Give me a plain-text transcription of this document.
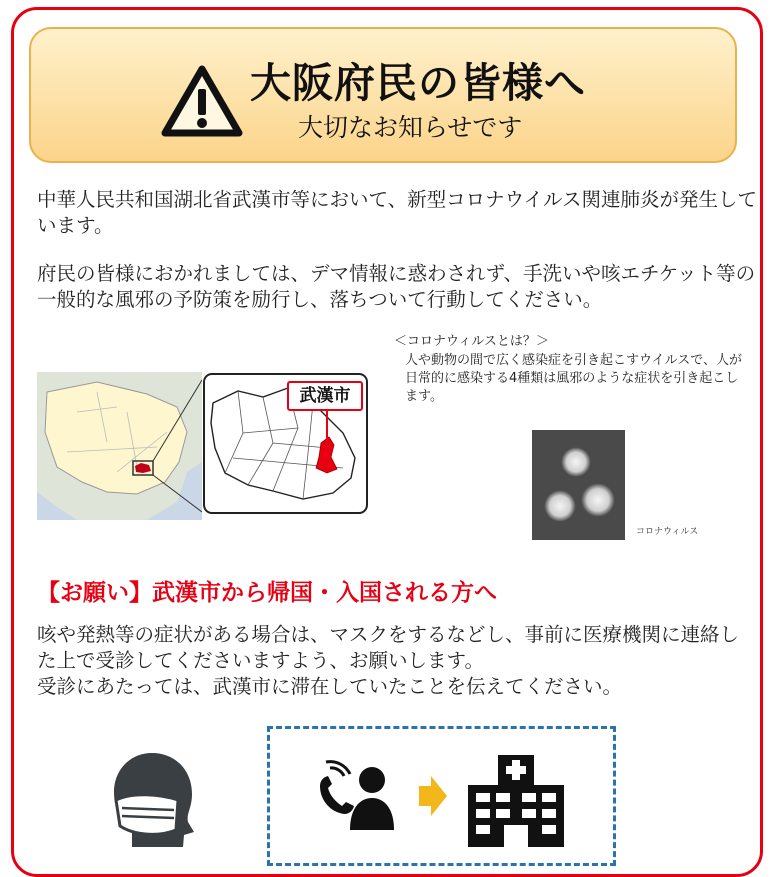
大阪府民の皆様へ
大切なお知らせです

中華人民共和国湖北省武漢市等において、新型コロナウイルス関連肺炎が発生しています。

府民の皆様におかれましては、デマ情報に惑わされず、手洗いや咳エチケット等の一般的な風邪の予防策を励行し、落ちついて行動してください。

武漢市
＜コロナウィルスとは？＞

人や動物の間で広く感染症を引き起こすウイルスで、人が日常的に感染する4種類は風邪のような症状を引き起こします。

コロナウィルス
【お願い】武漢市から帰国・入国される方へ

咳や発熱等の症状がある場合は、マスクをするなどし、事前に医療機関に連絡した上で受診してくださいますよう、お願いします。
受診にあたっては、武漢市に滞在していたことを伝えてください。
